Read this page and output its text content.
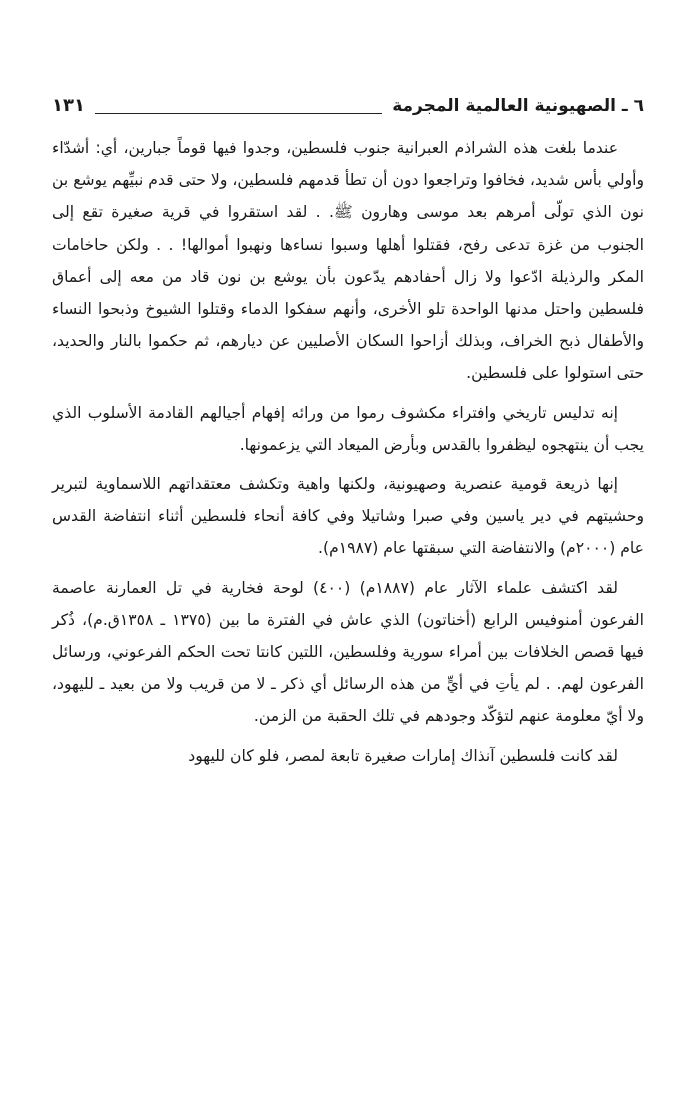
٦ ـ الصهيونية العالمية المجرمة
١٣١

عندما بلغت هذه الشراذم العبرانية جنوب فلسطين، وجدوا فيها قوماً جبارين، أي: أشدّاء وأولي بأس شديد، فخافوا وتراجعوا دون أن تطأ قدمهم فلسطين، ولا حتى قدم نبيِّهم يوشع بن نون الذي تولّى أمرهم بعد موسى وهارون ﷺ. . لقد استقروا في قرية صغيرة تقع إلى الجنوب من غزة تدعى رفح، فقتلوا أهلها وسبوا نساءها ونهبوا أموالها! . . ولكن حاخامات المكر والرذيلة ادّعوا ولا زال أحفادهم يدّعون بأن يوشع بن نون قاد من معه إلى أعماق فلسطين واحتل مدنها الواحدة تلو الأخرى، وأنهم سفكوا الدماء وقتلوا الشيوخ وذبحوا النساء والأطفال ذبح الخراف، وبذلك أزاحوا السكان الأصليين عن ديارهم، ثم حكموا بالنار والحديد، حتى استولوا على فلسطين.

إنه تدليس تاريخي وافتراء مكشوف رموا من ورائه إفهام أجيالهم القادمة الأسلوب الذي يجب أن ينتهجوه ليظفروا بالقدس وبأرض الميعاد التي يزعمونها.

إنها ذريعة قومية عنصرية وصهيونية، ولكنها واهية وتكشف معتقداتهم اللاسماوية لتبرير وحشيتهم في دير ياسين وفي صبرا وشاتيلا وفي كافة أنحاء فلسطين أثناء انتفاضة القدس عام (٢٠٠٠م) والانتفاضة التي سبقتها عام (١٩٨٧م).

لقد اكتشف علماء الآثار عام (١٨٨٧م) (٤٠٠) لوحة فخارية في تل العمارنة عاصمة الفرعون أمنوفيس الرابع (أخناتون) الذي عاش في الفترة ما بين (١٣٧٥ ـ ١٣٥٨ق.م)، ذُكر فيها قصص الخلافات بين أمراء سورية وفلسطين، اللتين كانتا تحت الحكم الفرعوني، ورسائل الفرعون لهم. . لم يأتِ في أيٍّ من هذه الرسائل أي ذكر ـ لا من قريب ولا من بعيد ـ لليهود، ولا أيّ معلومة عنهم لتؤكّد وجودهم في تلك الحقبة من الزمن.

لقد كانت فلسطين آنذاك إمارات صغيرة تابعة لمصر، فلو كان لليهود
